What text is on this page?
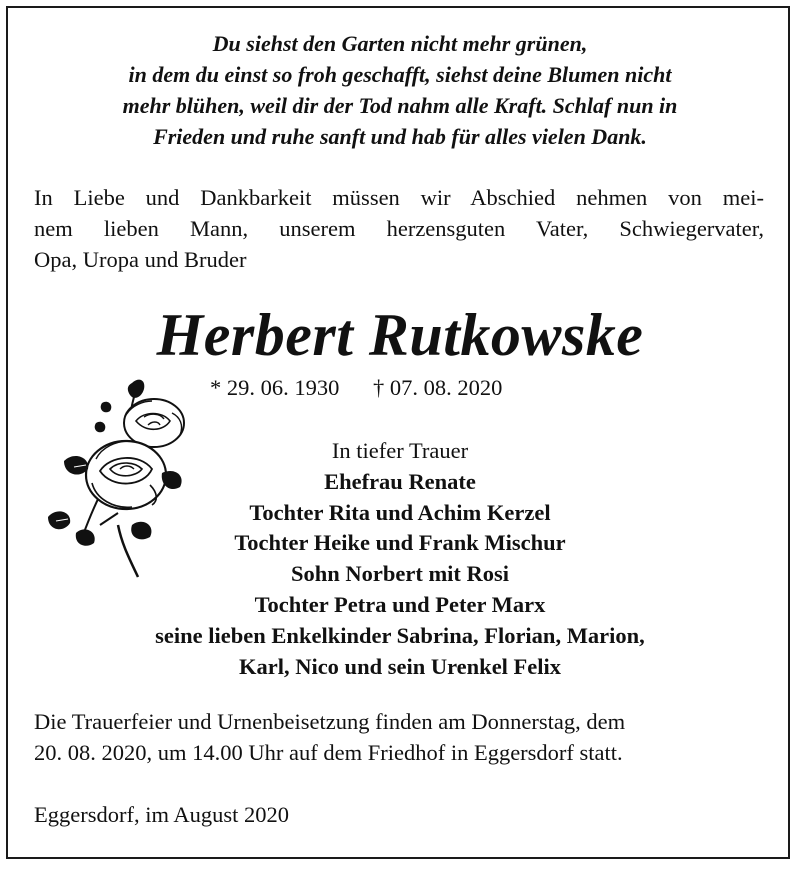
Du siehst den Garten nicht mehr grünen,
in dem du einst so froh geschafft, siehst deine Blumen nicht
mehr blühen, weil dir der Tod nahm alle Kraft. Schlaf nun in
Frieden und ruhe sanft und hab für alles vielen Dank.
In Liebe und Dankbarkeit müssen wir Abschied nehmen von mei-
nem lieben Mann, unserem herzensguten Vater, Schwiegervater,
Opa, Uropa und Bruder
Herbert Rutkowske
* 29. 06. 1930 † 07. 08. 2020
In tiefer Trauer
Ehefrau Renate
Tochter Rita und Achim Kerzel
Tochter Heike und Frank Mischur
Sohn Norbert mit Rosi
Tochter Petra und Peter Marx
seine lieben Enkelkinder Sabrina, Florian, Marion,
Karl, Nico und sein Urenkel Felix
Die Trauerfeier und Urnenbeisetzung finden am Donnerstag, dem
20. 08. 2020, um 14.00 Uhr auf dem Friedhof in Eggersdorf statt.
Eggersdorf, im August 2020
